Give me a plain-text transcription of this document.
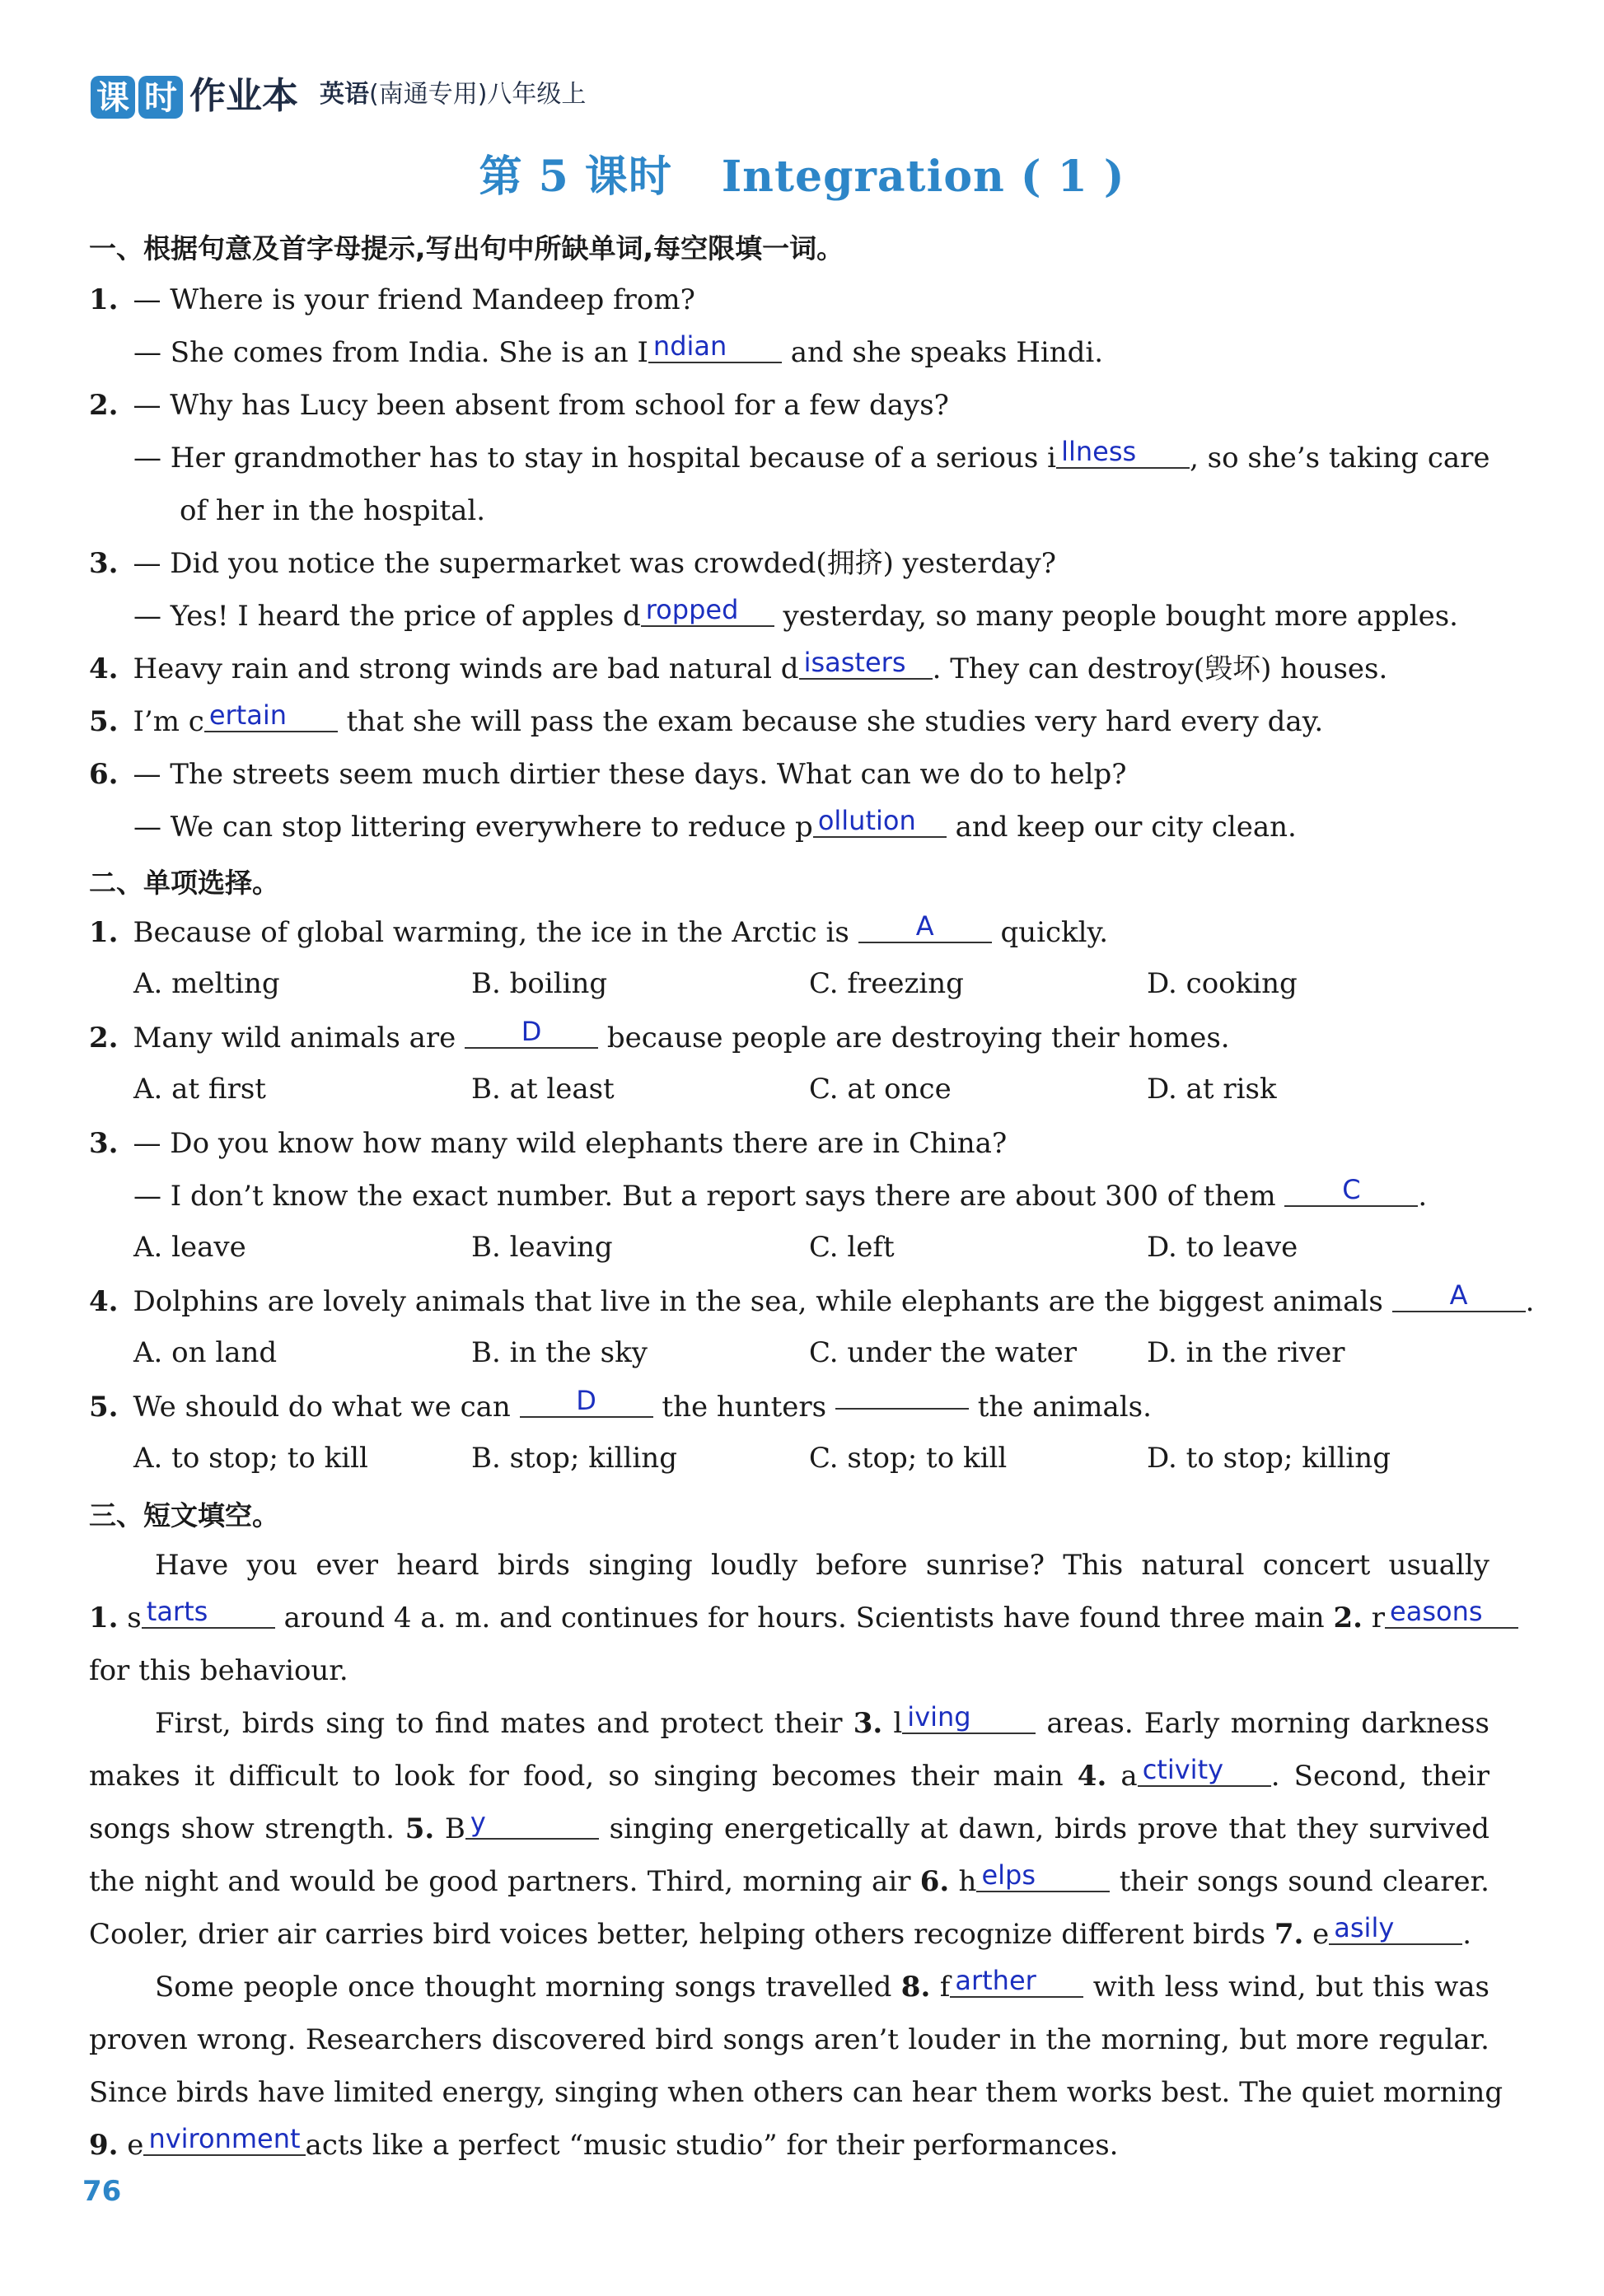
课 时 作业本 英语(南通专用)八年级上
第 5 课时 Integration ( 1 )
一、根据句意及首字母提示,写出句中所缺单词,每空限填一词。
1. — Where is your friend Mandeep from?
— She comes from India. She is an I ndian and she speaks Hindi.
2. — Why has Lucy been absent from school for a few days?
— Her grandmother has to stay in hospital because of a serious i llness , so she’s taking care
of her in the hospital.
3. — Did you notice the supermarket was crowded(拥挤) yesterday?
— Yes! I heard the price of apples d ropped yesterday, so many people bought more apples.
4. Heavy rain and strong winds are bad natural d isasters . They can destroy(毁坏) houses.
5. I’m c ertain that she will pass the exam because she studies very hard every day.
6. — The streets seem much dirtier these days. What can we do to help?
— We can stop littering everywhere to reduce p ollution and keep our city clean.
二、单项选择。
1. Because of global warming, the ice in the Arctic is A quickly.
A. melting	B. boiling	C. freezing	D. cooking
2. Many wild animals are D because people are destroying their homes.
A. at first	B. at least	C. at once	D. at risk
3. — Do you know how many wild elephants there are in China?
— I don’t know the exact number. But a report says there are about 300 of them C .
A. leave	B. leaving	C. left	D. to leave
4. Dolphins are lovely animals that live in the sea, while elephants are the biggest animals A .
A. on land	B. in the sky	C. under the water D. in the river
5. We should do what we can D the hunters	the animals.
A. to stop; to kill	B. stop; killing	C. stop; to kill	D. to stop; killing
三、短文填空。
Have you ever heard birds singing loudly before sunrise? This natural concert usually
1. s tarts around 4 a. m. and continues for hours. Scientists have found three main 2. r easons
for this behaviour.
First, birds sing to find mates and protect their 3. l iving areas. Early morning darkness
makes it difficult to look for food, so singing becomes their main 4. a ctivity . Second, their
songs show strength. 5. B y	singing energetically at dawn, birds prove that they survived
the night and would be good partners. Third, morning air 6. h elps	their songs sound clearer.
Cooler, drier air carries bird voices better, helping others recognize different birds 7. e asily .
Some people once thought morning songs travelled 8. f arther with less wind, but this was
proven wrong. Researchers discovered bird songs aren’t louder in the morning, but more regular.
Since birds have limited energy, singing when others can hear them works best. The quiet morning
9. e nvironment acts like a perfect “music studio” for their performances.
76
